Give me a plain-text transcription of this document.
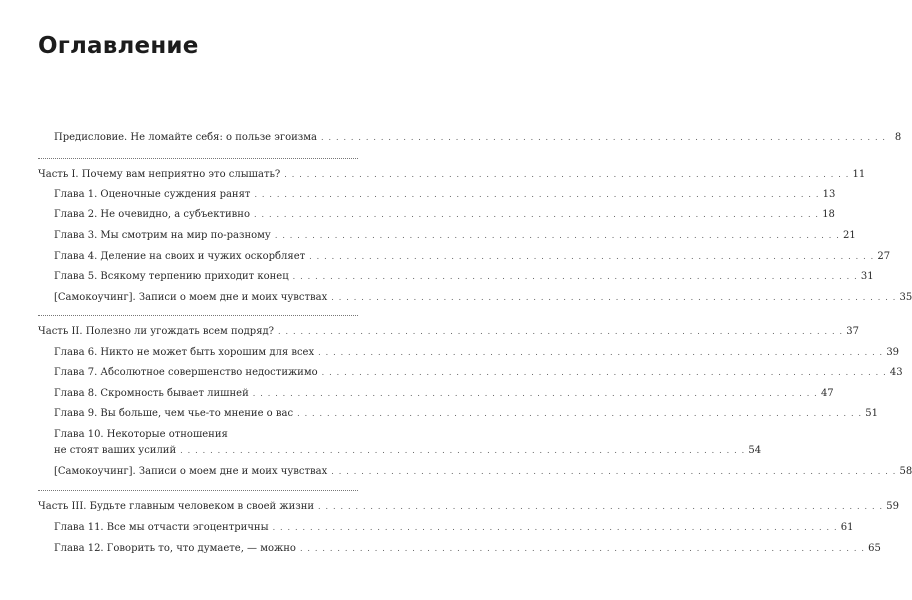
Оглавление
Предисловие. Не ломайте себя: о пользе эгоизма . . .	8
Часть I. Почему вам неприятно это слышать? . . .	11
Глава 1. Оценочные суждения ранят . . .	13
Глава 2. Не очевидно, а субъективно . . .	18
Глава 3. Мы смотрим на мир по-разному . . .	21
Глава 4. Деление на своих и чужих оскорбляет . . .	27
Глава 5. Всякому терпению приходит конец . . .	31
[Самокоучинг]. Записи о моем дне и моих чувствах . . .	35
Часть II. Полезно ли угождать всем подряд? . . .	37
Глава 6. Никто не может быть хорошим для всех . . .	39
Глава 7. Абсолютное совершенство недостижимо . . .	43
Глава 8. Скромность бывает лишней . . .	47
Глава 9. Вы больше, чем чье-то мнение о вас . . .	51
Глава 10. Некоторые отношения
не стоят ваших усилий . . .	54
[Самокоучинг]. Записи о моем дне и моих чувствах . . .	58
Часть III. Будьте главным человеком в своей жизни . . .	59
Глава 11. Все мы отчасти эгоцентричны . . .	61
Глава 12. Говорить то, что думаете, — можно . . .	65
